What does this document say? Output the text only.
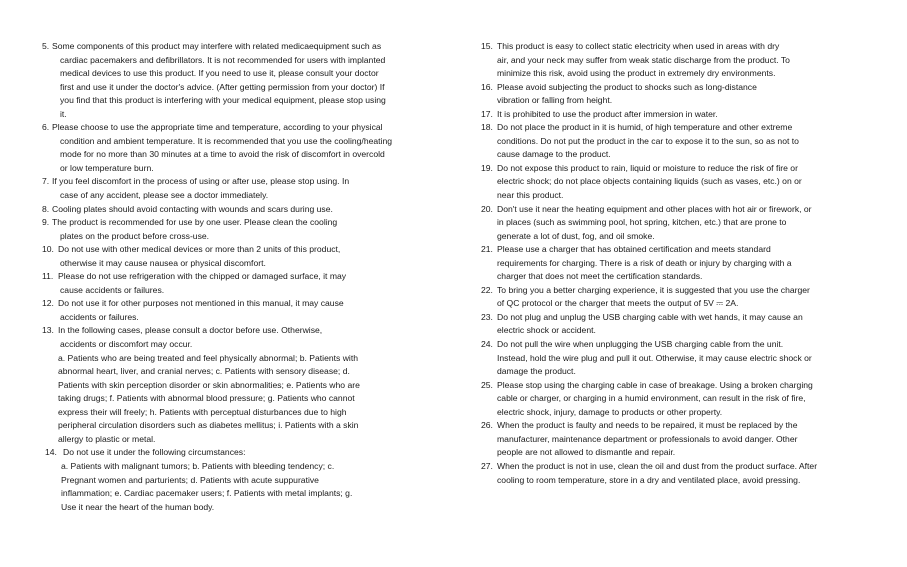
5. Some components of this product may interfere with related medicaequipment such as
cardiac pacemakers and defibrillators. It is not recommended for users with implanted
medical devices to use this product. If you need to use it, please consult your doctor
first and use it under the doctor's advice. (After getting permission from your doctor) If
you find that this product is interfering with your medical equipment, please stop using
it.
6. Please choose to use the appropriate time and temperature, according to your physical
condition and ambient temperature. It is recommended that you use the cooling/heating
mode for no more than 30 minutes at a time to avoid the risk of discomfort in overcold
or low temperature burn.
7. If you feel discomfort in the process of using or after use, please stop using. In
case of any accident, please see a doctor immediately.
8. Cooling plates should avoid contacting with wounds and scars during use.
9. The product is recommended for use by one user. Please clean the cooling
plates on the product before cross-use.
10. Do not use with other medical devices or more than 2 units of this product,
otherwise it may cause nausea or physical discomfort.
11. Please do not use refrigeration with the chipped or damaged surface, it may
cause accidents or failures.
12. Do not use it for other purposes not mentioned in this manual, it may cause
accidents or failures.
13. In the following cases, please consult a doctor before use. Otherwise,
accidents or discomfort may occur.
a. Patients who are being treated and feel physically abnormal; b. Patients with
abnormal heart, liver, and cranial nerves; c. Patients with sensory disease; d.
Patients with skin perception disorder or skin abnormalities; e. Patients who are
taking drugs; f. Patients with abnormal blood pressure; g. Patients who cannot
express their will freely; h. Patients with perceptual disturbances due to high
peripheral circulation disorders such as diabetes mellitus; i. Patients with a skin
allergy to plastic or metal.
14. Do not use it under the following circumstances:
a. Patients with malignant tumors; b. Patients with bleeding tendency; c.
Pregnant women and parturients; d. Patients with acute suppurative
inflammation; e. Cardiac pacemaker users; f. Patients with metal implants; g.
Use it near the heart of the human body.
15. This product is easy to collect static electricity when used in areas with dry
air, and your neck may suffer from weak static discharge from the product. To
minimize this risk, avoid using the product in extremely dry environments.
16. Please avoid subjecting the product to shocks such as long-distance
vibration or falling from height.
17. It is prohibited to use the product after immersion in water.
18. Do not place the product in it is humid, of high temperature and other extreme
conditions. Do not put the product in the car to expose it to the sun, so as not to
cause damage to the product.
19. Do not expose this product to rain, liquid or moisture to reduce the risk of fire or
electric shock; do not place objects containing liquids (such as vases, etc.) on or
near this product.
20. Don't use it near the heating equipment and other places with hot air or firework, or
in places (such as swimming pool, hot spring, kitchen, etc.) that are prone to
generate a lot of dust, fog, and oil smoke.
21. Please use a charger that has obtained certification and meets standard
requirements for charging. There is a risk of death or injury by charging with a
charger that does not meet the certification standards.
22. To bring you a better charging experience, it is suggested that you use the charger
of QC protocol or the charger that meets the output of 5V ⎓ 2A.
23. Do not plug and unplug the USB charging cable with wet hands, it may cause an
electric shock or accident.
24. Do not pull the wire when unplugging the USB charging cable from the unit.
Instead, hold the wire plug and pull it out. Otherwise, it may cause electric shock or
damage the product.
25. Please stop using the charging cable in case of breakage. Using a broken charging
cable or charger, or charging in a humid environment, can result in the risk of fire,
electric shock, injury, damage to products or other property.
26. When the product is faulty and needs to be repaired, it must be replaced by the
manufacturer, maintenance department or professionals to avoid danger. Other
people are not allowed to dismantle and repair.
27. When the product is not in use, clean the oil and dust from the product surface. After
cooling to room temperature, store in a dry and ventilated place, avoid pressing.
